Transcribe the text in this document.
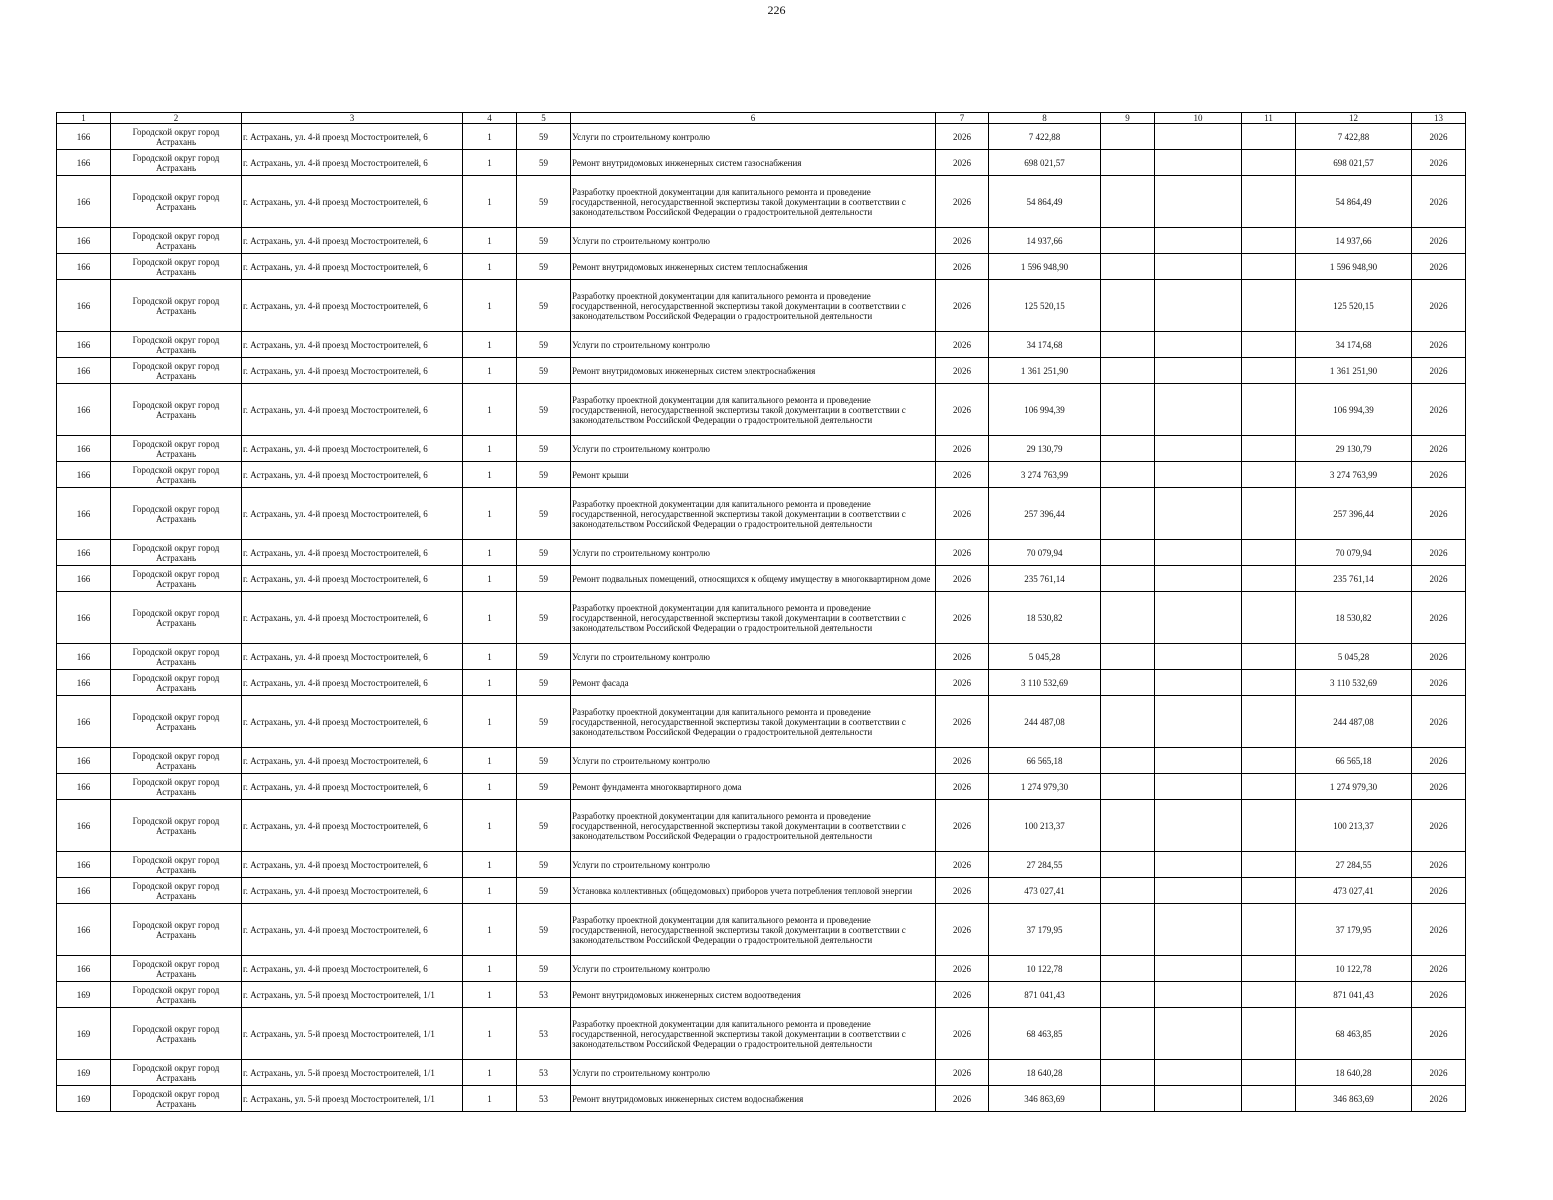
226
1	2	3	4	5	6	7	8	9	10	11	12	13
166	Городской округ город Астрахань	г. Астрахань, ул. 4-й проезд Мостостроителей, 6	1	59	Услуги по строительному контролю	2026	7 422,88				7 422,88	2026
166	Городской округ город Астрахань	г. Астрахань, ул. 4-й проезд Мостостроителей, 6	1	59	Ремонт внутридомовых инженерных систем газоснабжения	2026	698 021,57				698 021,57	2026
166	Городской округ город Астрахань	г. Астрахань, ул. 4-й проезд Мостостроителей, 6	1	59	Разработку проектной документации для капитального ремонта и проведение государственной, негосударственной экспертизы такой документации в соответствии с законодательством Российской Федерации о градостроительной деятельности	2026	54 864,49				54 864,49	2026
166	Городской округ город Астрахань	г. Астрахань, ул. 4-й проезд Мостостроителей, 6	1	59	Услуги по строительному контролю	2026	14 937,66				14 937,66	2026
166	Городской округ город Астрахань	г. Астрахань, ул. 4-й проезд Мостостроителей, 6	1	59	Ремонт внутридомовых инженерных систем теплоснабжения	2026	1 596 948,90				1 596 948,90	2026
166	Городской округ город Астрахань	г. Астрахань, ул. 4-й проезд Мостостроителей, 6	1	59	Разработку проектной документации для капитального ремонта и проведение государственной, негосударственной экспертизы такой документации в соответствии с законодательством Российской Федерации о градостроительной деятельности	2026	125 520,15				125 520,15	2026
166	Городской округ город Астрахань	г. Астрахань, ул. 4-й проезд Мостостроителей, 6	1	59	Услуги по строительному контролю	2026	34 174,68				34 174,68	2026
166	Городской округ город Астрахань	г. Астрахань, ул. 4-й проезд Мостостроителей, 6	1	59	Ремонт внутридомовых инженерных систем электроснабжения	2026	1 361 251,90				1 361 251,90	2026
166	Городской округ город Астрахань	г. Астрахань, ул. 4-й проезд Мостостроителей, 6	1	59	Разработку проектной документации для капитального ремонта и проведение государственной, негосударственной экспертизы такой документации в соответствии с законодательством Российской Федерации о градостроительной деятельности	2026	106 994,39				106 994,39	2026
166	Городской округ город Астрахань	г. Астрахань, ул. 4-й проезд Мостостроителей, 6	1	59	Услуги по строительному контролю	2026	29 130,79				29 130,79	2026
166	Городской округ город Астрахань	г. Астрахань, ул. 4-й проезд Мостостроителей, 6	1	59	Ремонт крыши	2026	3 274 763,99				3 274 763,99	2026
166	Городской округ город Астрахань	г. Астрахань, ул. 4-й проезд Мостостроителей, 6	1	59	Разработку проектной документации для капитального ремонта и проведение государственной, негосударственной экспертизы такой документации в соответствии с законодательством Российской Федерации о градостроительной деятельности	2026	257 396,44				257 396,44	2026
166	Городской округ город Астрахань	г. Астрахань, ул. 4-й проезд Мостостроителей, 6	1	59	Услуги по строительному контролю	2026	70 079,94				70 079,94	2026
166	Городской округ город Астрахань	г. Астрахань, ул. 4-й проезд Мостостроителей, 6	1	59	Ремонт подвальных помещений, относящихся к общему имуществу в многоквартирном доме	2026	235 761,14				235 761,14	2026
166	Городской округ город Астрахань	г. Астрахань, ул. 4-й проезд Мостостроителей, 6	1	59	Разработку проектной документации для капитального ремонта и проведение государственной, негосударственной экспертизы такой документации в соответствии с законодательством Российской Федерации о градостроительной деятельности	2026	18 530,82				18 530,82	2026
166	Городской округ город Астрахань	г. Астрахань, ул. 4-й проезд Мостостроителей, 6	1	59	Услуги по строительному контролю	2026	5 045,28				5 045,28	2026
166	Городской округ город Астрахань	г. Астрахань, ул. 4-й проезд Мостостроителей, 6	1	59	Ремонт фасада	2026	3 110 532,69				3 110 532,69	2026
166	Городской округ город Астрахань	г. Астрахань, ул. 4-й проезд Мостостроителей, 6	1	59	Разработку проектной документации для капитального ремонта и проведение государственной, негосударственной экспертизы такой документации в соответствии с законодательством Российской Федерации о градостроительной деятельности	2026	244 487,08				244 487,08	2026
166	Городской округ город Астрахань	г. Астрахань, ул. 4-й проезд Мостостроителей, 6	1	59	Услуги по строительному контролю	2026	66 565,18				66 565,18	2026
166	Городской округ город Астрахань	г. Астрахань, ул. 4-й проезд Мостостроителей, 6	1	59	Ремонт фундамента многоквартирного дома	2026	1 274 979,30				1 274 979,30	2026
166	Городской округ город Астрахань	г. Астрахань, ул. 4-й проезд Мостостроителей, 6	1	59	Разработку проектной документации для капитального ремонта и проведение государственной, негосударственной экспертизы такой документации в соответствии с законодательством Российской Федерации о градостроительной деятельности	2026	100 213,37				100 213,37	2026
166	Городской округ город Астрахань	г. Астрахань, ул. 4-й проезд Мостостроителей, 6	1	59	Услуги по строительному контролю	2026	27 284,55				27 284,55	2026
166	Городской округ город Астрахань	г. Астрахань, ул. 4-й проезд Мостостроителей, 6	1	59	Установка коллективных (общедомовых) приборов учета потребления тепловой энергии	2026	473 027,41				473 027,41	2026
166	Городской округ город Астрахань	г. Астрахань, ул. 4-й проезд Мостостроителей, 6	1	59	Разработку проектной документации для капитального ремонта и проведение государственной, негосударственной экспертизы такой документации в соответствии с законодательством Российской Федерации о градостроительной деятельности	2026	37 179,95				37 179,95	2026
166	Городской округ город Астрахань	г. Астрахань, ул. 4-й проезд Мостостроителей, 6	1	59	Услуги по строительному контролю	2026	10 122,78				10 122,78	2026
169	Городской округ город Астрахань	г. Астрахань, ул. 5-й проезд Мостостроителей, 1/1	1	53	Ремонт внутридомовых инженерных систем водоотведения	2026	871 041,43				871 041,43	2026
169	Городской округ город Астрахань	г. Астрахань, ул. 5-й проезд Мостостроителей, 1/1	1	53	Разработку проектной документации для капитального ремонта и проведение государственной, негосударственной экспертизы такой документации в соответствии с законодательством Российской Федерации о градостроительной деятельности	2026	68 463,85				68 463,85	2026
169	Городской округ город Астрахань	г. Астрахань, ул. 5-й проезд Мостостроителей, 1/1	1	53	Услуги по строительному контролю	2026	18 640,28				18 640,28	2026
169	Городской округ город Астрахань	г. Астрахань, ул. 5-й проезд Мостостроителей, 1/1	1	53	Ремонт внутридомовых инженерных систем водоснабжения	2026	346 863,69				346 863,69	2026
